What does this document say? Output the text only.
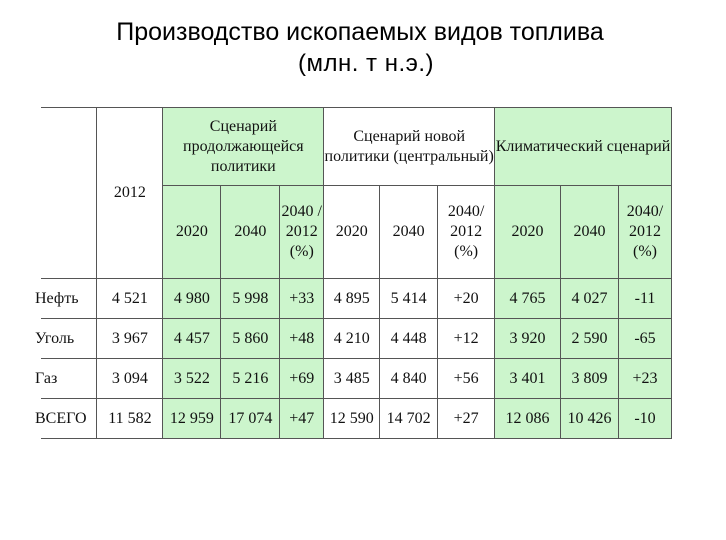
Производство ископаемых видов топлива
(млн. т н.э.)
	2012	Сценарий продолжающейся политики			Сценарий новой политики (центральный)			Климатический сценарий		
		2020	2040	2040 / 2012 (%)	2020	2040	2040/ 2012 (%)	2020	2040	2040/ 2012 (%)
Нефть	4 521	4 980	5 998	+33	4 895	5 414	+20	4 765	4 027	-11
Уголь	3 967	4 457	5 860	+48	4 210	4 448	+12	3 920	2 590	-65
Газ	3 094	3 522	5 216	+69	3 485	4 840	+56	3 401	3 809	+23
ВСЕГО	11 582	12 959	17 074	+47	12 590	14 702	+27	12 086	10 426	-10
